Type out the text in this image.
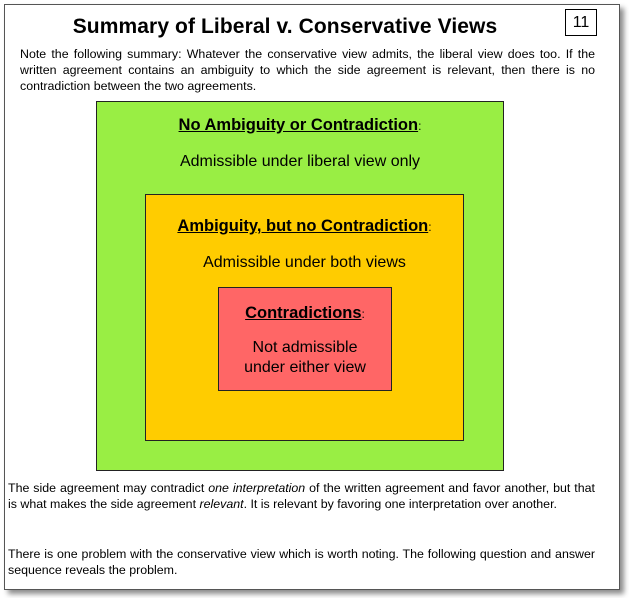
Summary of Liberal v. Conservative Views	11
Note the following summary: Whatever the conservative view admits, the liberal view does too. If the written agreement contains an ambiguity to which the side agreement is relevant, then there is no contradiction between the two agreements.
No Ambiguity or Contradiction:
Admissible under liberal view only
Ambiguity, but no Contradiction:
Admissible under both views
Contradictions:
Not admissible
under either view
The side agreement may contradict one interpretation of the written agreement and favor another, but that is what makes the side agreement relevant. It is relevant by favoring one interpretation over another.
There is one problem with the conservative view which is worth noting. The following question and answer sequence reveals the problem.
